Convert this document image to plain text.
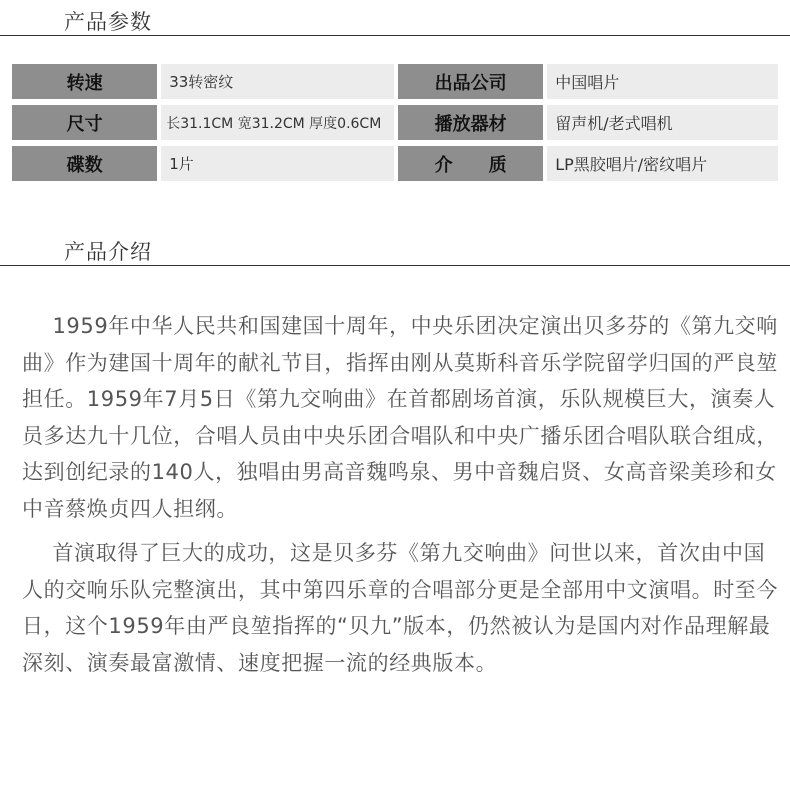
产品参数
转速	33转密纹	出品公司	中国唱片
尺寸	长31.1CM 宽31.2CM 厚度0.6CM	播放器材	留声机/老式唱机
碟数	1片	介　　质	LP黑胶唱片/密纹唱片
产品介绍

1959年中华人民共和国建国十周年，中央乐团决定演出贝多芬的《第九交响曲》作为建国十周年的献礼节目，指挥由刚从莫斯科音乐学院留学归国的严良堃担任。1959年7月5日《第九交响曲》在首都剧场首演，乐队规模巨大，演奏人员多达九十几位，合唱人员由中央乐团合唱队和中央广播乐团合唱队联合组成，达到创纪录的140人，独唱由男高音魏鸣泉、男中音魏启贤、女高音梁美珍和女中音蔡焕贞四人担纲。

首演取得了巨大的成功，这是贝多芬《第九交响曲》问世以来，首次由中国人的交响乐队完整演出，其中第四乐章的合唱部分更是全部用中文演唱。时至今日，这个1959年由严良堃指挥的“贝九”版本，仍然被认为是国内对作品理解最深刻、演奏最富激情、速度把握一流的经典版本。
